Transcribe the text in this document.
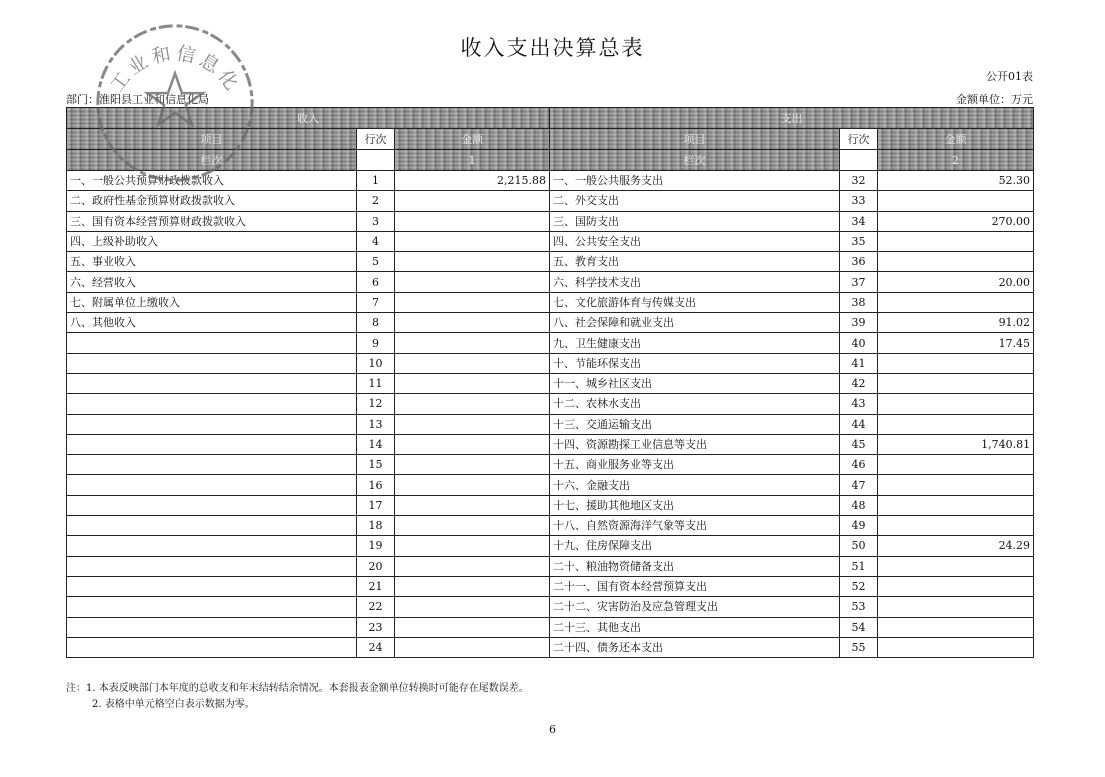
收入支出决算总表
公开01表
部门：淮阳县工业和信息化局	金额单位：万元
收入			支出		
项目	行次	金额	项目	行次	金额
栏次		1	栏次		2
一、一般公共预算财政拨款收入	1	2,215.88	一、一般公共服务支出	32	52.30
二、政府性基金预算财政拨款收入	2		二、外交支出	33	
三、国有资本经营预算财政拨款收入	3		三、国防支出	34	270.00
四、上级补助收入	4		四、公共安全支出	35	
五、事业收入	5		五、教育支出	36	
六、经营收入	6		六、科学技术支出	37	20.00
七、附属单位上缴收入	7		七、文化旅游体育与传媒支出	38	
八、其他收入	8		八、社会保障和就业支出	39	91.02
	9		九、卫生健康支出	40	17.45
	10		十、节能环保支出	41	
	11		十一、城乡社区支出	42	
	12		十二、农林水支出	43	
	13		十三、交通运输支出	44	
	14		十四、资源勘探工业信息等支出	45	1,740.81
	15		十五、商业服务业等支出	46	
	16		十六、金融支出	47	
	17		十七、援助其他地区支出	48	
	18		十八、自然资源海洋气象等支出	49	
	19		十九、住房保障支出	50	24.29
	20		二十、粮油物资储备支出	51	
	21		二十一、国有资本经营预算支出	52	
	22		二十二、灾害防治及应急管理支出	53	
	23		二十三、其他支出	54	
	24		二十四、债务还本支出	55	
工业和信息化
注：1. 本表反映部门本年度的总收支和年末结转结余情况。本套报表金额单位转换时可能存在尾数误差。
2. 表格中单元格空白表示数据为零。
6
